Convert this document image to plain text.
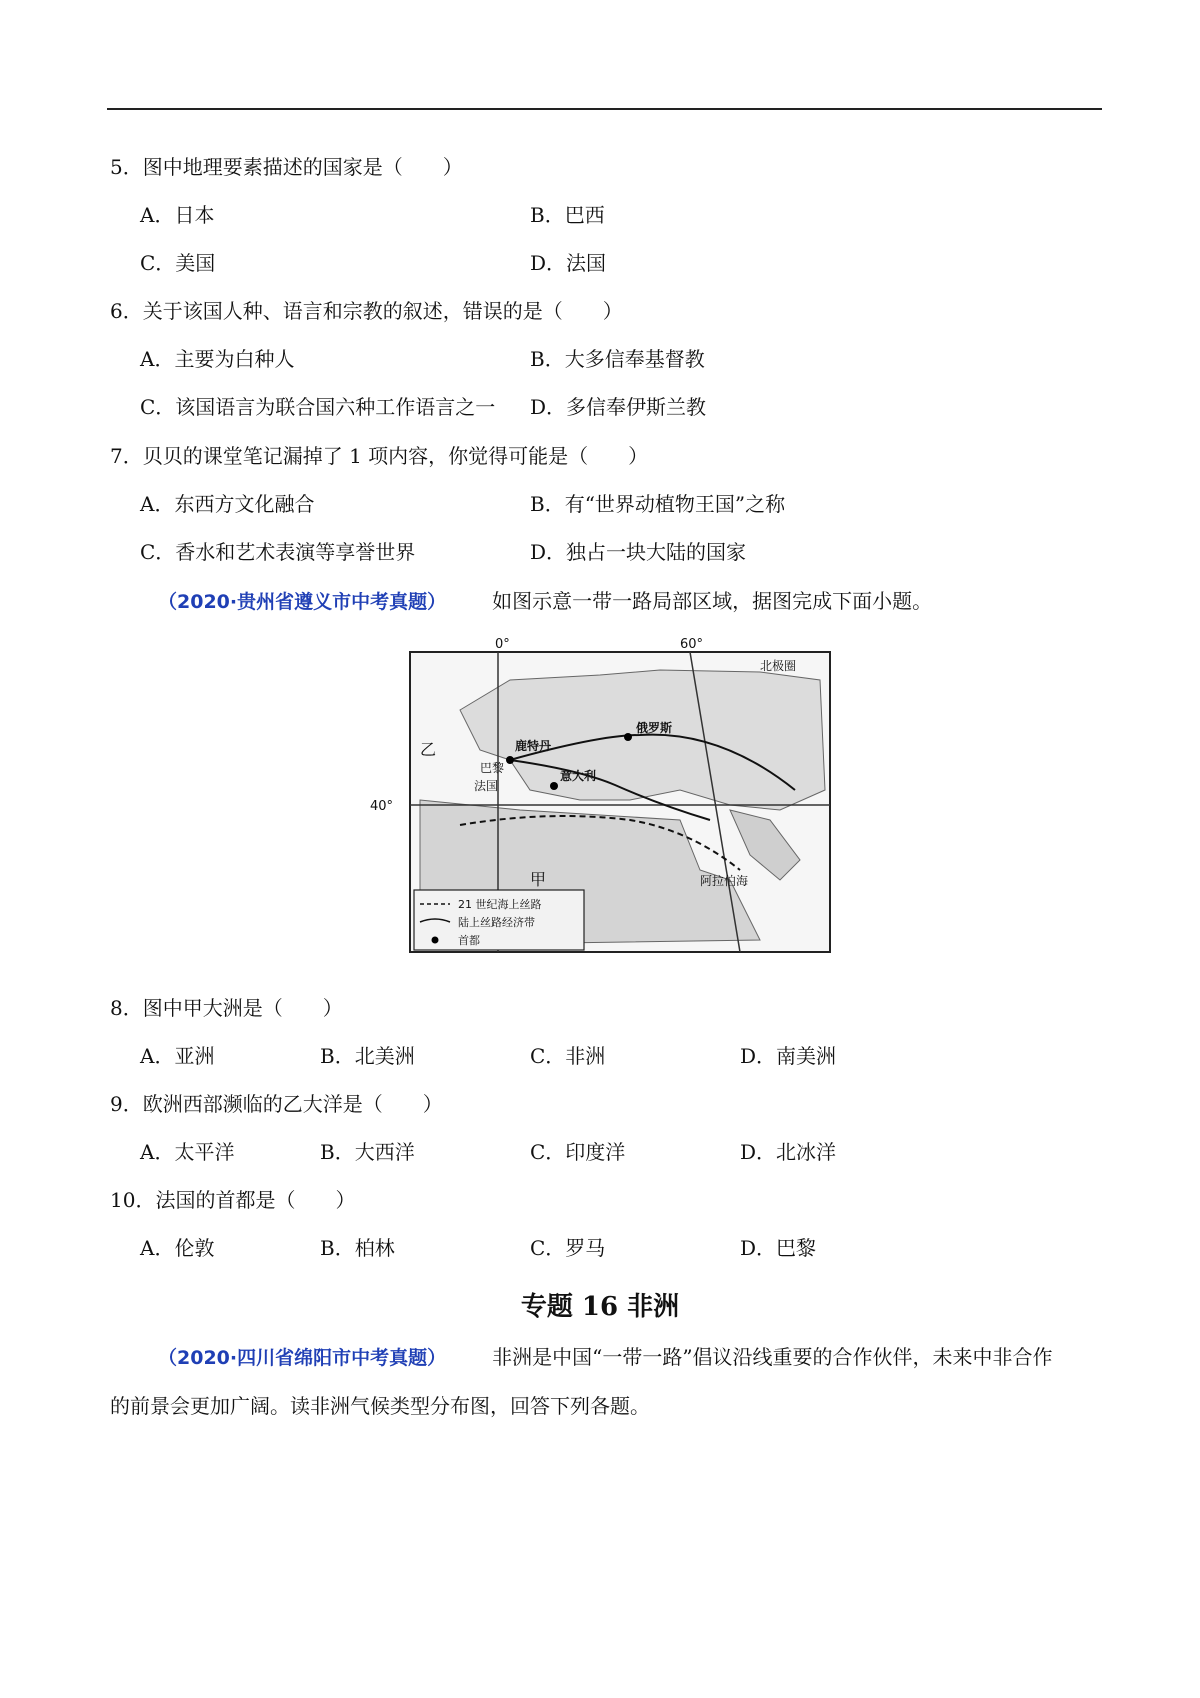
5．图中地理要素描述的国家是（　　）
A．日本	B．巴西
C．美国	D．法国
6．关于该国人种、语言和宗教的叙述，错误的是（　　）
A．主要为白种人	B．大多信奉基督教
C．该国语言为联合国六种工作语言之一 D．多信奉伊斯兰教
7．贝贝的课堂笔记漏掉了 1 项内容，你觉得可能是（　　）
A．东西方文化融合	B．有“世界动植物王国”之称
C．香水和艺术表演等享誉世界	D．独占一块大陆的国家
（2020·贵州省遵义市中考真题） 如图示意一带一路局部区域，据图完成下面小题。
0°	60°
40°
北极圈
鹿特丹
俄罗斯
乙
巴黎
法国
意大利
甲	阿拉伯海
21 世纪海上丝路
陆上丝路经济带
首都
8．图中甲大洲是（　　）
A．亚洲	B．北美洲	C．非洲	D．南美洲
9．欧洲西部濒临的乙大洋是（　　）
A．太平洋	B．大西洋	C．印度洋	D．北冰洋
10．法国的首都是（　　）
A．伦敦	B．柏林	C．罗马	D．巴黎
专题 16 非洲
（2020·四川省绵阳市中考真题） 非洲是中国“一带一路”倡议沿线重要的合作伙伴，未来中非合作
的前景会更加广阔。读非洲气候类型分布图，回答下列各题。
